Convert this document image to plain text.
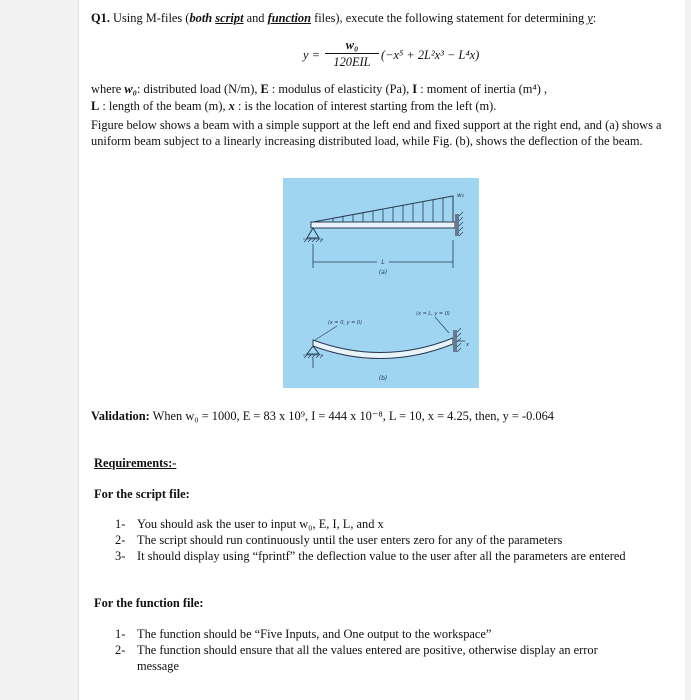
Q1. Using M-files (both script and function files), execute the following statement for determining y:
y =
w₀
120EIL (−x⁵ + 2L²x³ − L⁴x)
where w₀: distributed load (N/m), E : modulus of elasticity (Pa), I : moment of inertia (m⁴) ,
L : length of the beam (m), x : is the location of interest starting from the left (m).
Figure below shows a beam with a simple support at the left end and fixed support at the right end, and (a) shows a uniform beam subject to a linearly increasing distributed load, while Fig. (b), shows the deflection of the beam.
Validation: When w₀ = 1000, E = 83 x 10⁹, I = 444 x 10⁻⁸, L = 10, x = 4.25, then, y = -0.064
Requirements:-
For the script file:
1- You should ask the user to input w₀, E, I, L, and x
2- The script should run continuously until the user enters zero for any of the parameters
3- It should display using “fprintf” the deflection value to the user after all the parameters are entered
For the function file:
1- The function should be “Five Inputs, and One output to the workspace”
2- The function should ensure that all the values entered are positive, otherwise display an error message
w₀
L
(a)
(x = L, y = 0)
(x = 0, y = 0)
x
(b)
